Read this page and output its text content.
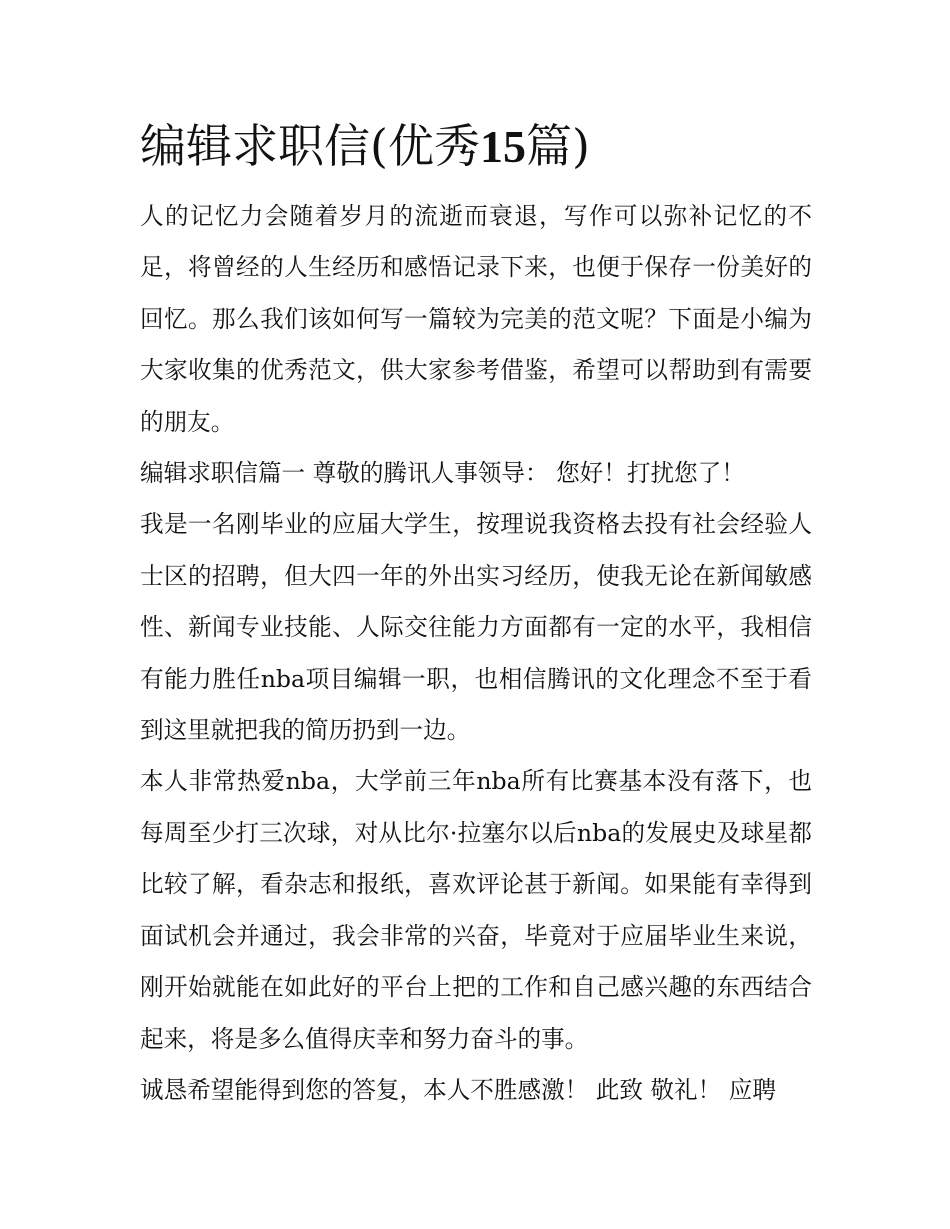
编辑求职信(优秀15篇)

人的记忆力会随着岁月的流逝而衰退，写作可以弥补记忆的不足，将曾经的人生经历和感悟记录下来，也便于保存一份美好的回忆。那么我们该如何写一篇较为完美的范文呢？下面是小编为大家收集的优秀范文，供大家参考借鉴，希望可以帮助到有需要的朋友。

编辑求职信篇一 尊敬的腾讯人事领导： 您好！打扰您了！

我是一名刚毕业的应届大学生，按理说我资格去投有社会经验人士区的招聘，但大四一年的外出实习经历，使我无论在新闻敏感性、新闻专业技能、人际交往能力方面都有一定的水平，我相信有能力胜任nba项目编辑一职，也相信腾讯的文化理念不至于看到这里就把我的简历扔到一边。

本人非常热爱nba，大学前三年nba所有比赛基本没有落下，也每周至少打三次球，对从比尔·拉塞尔以后nba的发展史及球星都比较了解，看杂志和报纸，喜欢评论甚于新闻。如果能有幸得到面试机会并通过，我会非常的兴奋，毕竟对于应届毕业生来说，刚开始就能在如此好的平台上把的工作和自己感兴趣的东西结合起来，将是多么值得庆幸和努力奋斗的事。

诚恳希望能得到您的答复，本人不胜感激！ 此致 敬礼！ 应聘
